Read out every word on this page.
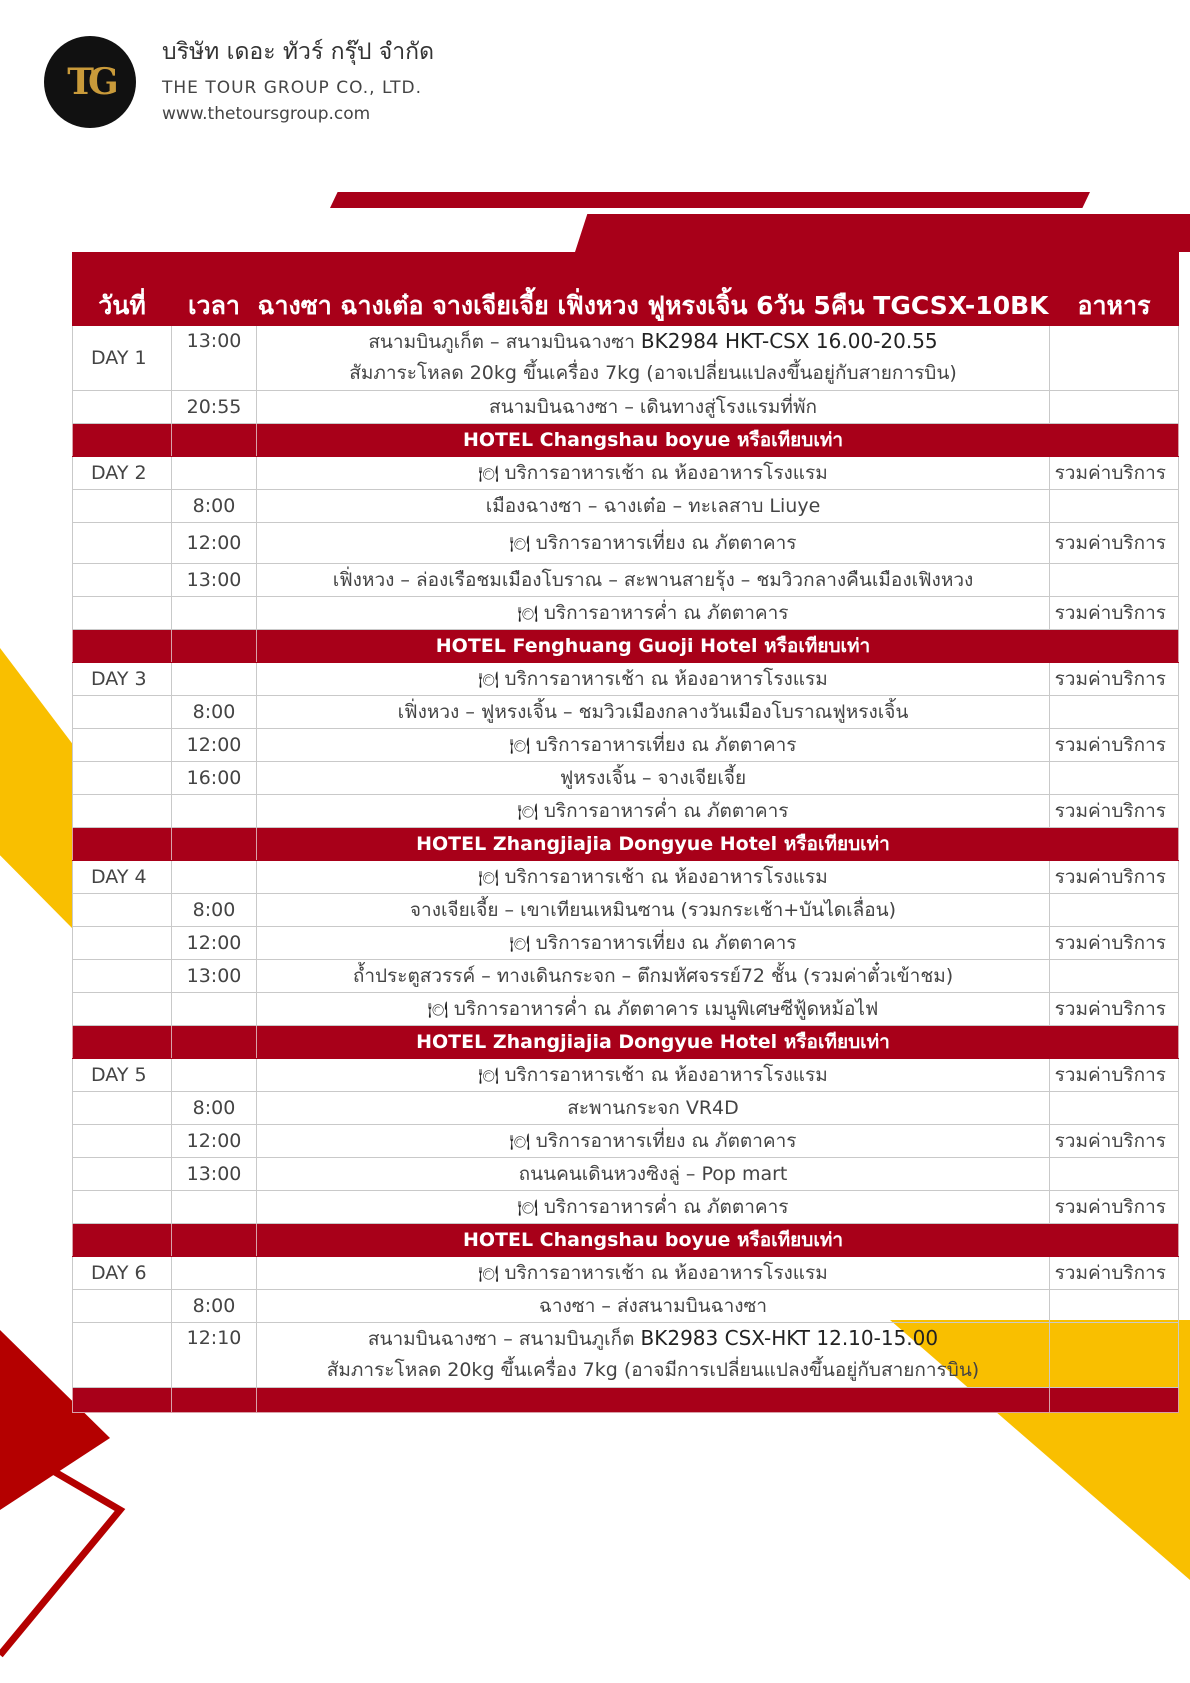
TG
บริษัท เดอะ ทัวร์ กรุ๊ป จำกัด
THE TOUR GROUP CO., LTD.
www.thetoursgroup.com
วันที่	เวลา	ฉางซา ฉางเต๋อ จางเจียเจี้ย เฟิ่งหวง ฟูหรงเจิ้น 6วัน 5คืน TGCSX-10BK	อาหาร
DAY 1	13:00	สนามบินภูเก็ต – สนามบินฉางซา BK2984 HKT-CSX 16.00-20.55
สัมภาระโหลด 20kg ขึ้นเครื่อง 7kg (อาจเปลี่ยนแปลงขึ้นอยู่กับสายการบิน)	

	20:55	สนามบินฉางซา – เดินทางสู่โรงแรมที่พัก	

		HOTEL Changshau boyue หรือเทียบเท่า	
DAY 2		🍽 บริการอาหารเช้า ณ ห้องอาหารโรงแรม	รวมค่าบริการ
	8:00	เมืองฉางซา – ฉางเต๋อ – ทะเลสาบ Liuye	

	12:00	🍽 บริการอาหารเที่ยง ณ ภัตตาคาร	รวมค่าบริการ
	13:00	เฟิ่งหวง – ล่องเรือชมเมืองโบราณ – สะพานสายรุ้ง – ชมวิวกลางคืนเมืองเฟิงหวง	

		🍽 บริการอาหารค่ำ ณ ภัตตาคาร	รวมค่าบริการ
		HOTEL Fenghuang Guoji Hotel หรือเทียบเท่า	
DAY 3		🍽 บริการอาหารเช้า ณ ห้องอาหารโรงแรม	รวมค่าบริการ
	8:00	เฟิ่งหวง – ฟูหรงเจิ้น – ชมวิวเมืองกลางวันเมืองโบราณฟูหรงเจิ้น	

	12:00	🍽 บริการอาหารเที่ยง ณ ภัตตาคาร	รวมค่าบริการ
	16:00	ฟูหรงเจิ้น – จางเจียเจี้ย	

		🍽 บริการอาหารค่ำ ณ ภัตตาคาร	รวมค่าบริการ
		HOTEL Zhangjiajia Dongyue Hotel หรือเทียบเท่า	
DAY 4		🍽 บริการอาหารเช้า ณ ห้องอาหารโรงแรม	รวมค่าบริการ
	8:00	จางเจียเจี้ย – เขาเทียนเหมินซาน (รวมกระเช้า+บันไดเลื่อน)	

	12:00	🍽 บริการอาหารเที่ยง ณ ภัตตาคาร	รวมค่าบริการ
	13:00	ถ้ำประตูสวรรค์ – ทางเดินกระจก – ตึกมหัศจรรย์72 ชั้น (รวมค่าตั๋วเข้าชม)	

		🍽 บริการอาหารค่ำ ณ ภัตตาคาร เมนูพิเศษซีฟู้ดหม้อไฟ	รวมค่าบริการ
		HOTEL Zhangjiajia Dongyue Hotel หรือเทียบเท่า	
DAY 5		🍽 บริการอาหารเช้า ณ ห้องอาหารโรงแรม	รวมค่าบริการ
	8:00	สะพานกระจก VR4D	

	12:00	🍽 บริการอาหารเที่ยง ณ ภัตตาคาร	รวมค่าบริการ
	13:00	ถนนคนเดินหวงซิงลู่ – Pop mart	

		🍽 บริการอาหารค่ำ ณ ภัตตาคาร	รวมค่าบริการ
		HOTEL Changshau boyue หรือเทียบเท่า	
DAY 6		🍽 บริการอาหารเช้า ณ ห้องอาหารโรงแรม	รวมค่าบริการ
	8:00	ฉางซา – ส่งสนามบินฉางซา	

	12:10	สนามบินฉางซา – สนามบินภูเก็ต BK2983 CSX-HKT 12.10-15.00
สัมภาระโหลด 20kg ขึ้นเครื่อง 7kg (อาจมีการเปลี่ยนแปลงขึ้นอยู่กับสายการบิน)	
